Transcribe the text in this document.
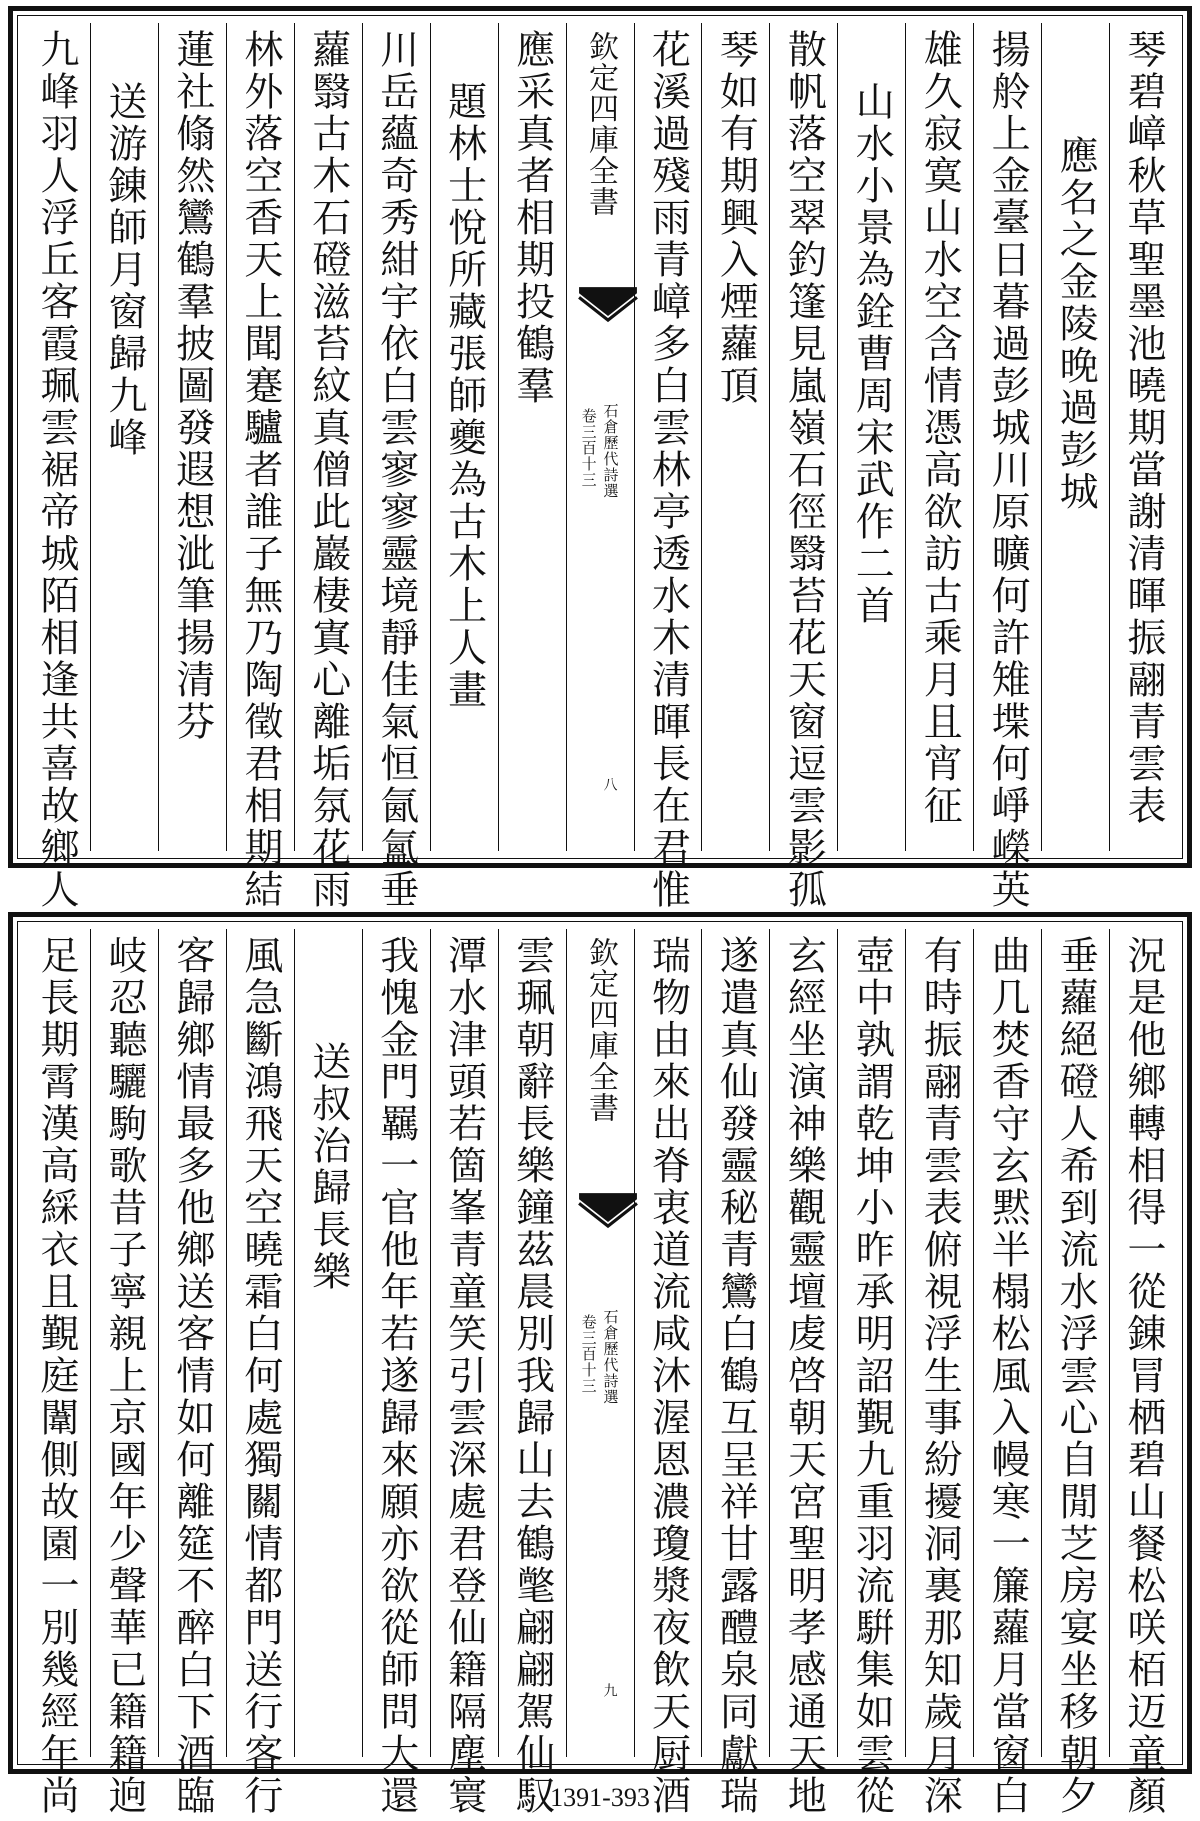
琴碧嶂秋草聖墨池曉期當謝清暉振翮青雲表
應名之金陵晚過彭城
揚舲上金臺日暮過彭城川原曠何許雉堞何崢嶸英
雄久寂寞山水空含情憑高欲訪古乘月且宵征
山水小景為銓曹周宋武作二首
散帆落空翠釣篷見嵐嶺石徑翳苔花天窗逗雲影孤
琴如有期興入煙蘿頂
花溪過殘雨青嶂多白雲林亭透水木清暉長在君惟
欽定四庫全書
石倉歷代詩選
卷三百十三
八
應采真者相期投鶴羣
題林士悅所藏張師夔為古木上人畫
川岳蘊奇秀紺宇依白雲寥寥靈境靜佳氣恒氤氳垂
蘿翳古木石磴滋苔紋真僧此巖棲寘心離垢氛花雨
林外落空香天上聞蹇驢者誰子無乃陶徵君相期結
蓮社翛然鸞鶴羣披圖發遐想泚筆揚清芬
送游錬師月窗歸九峰
九峰羽人浮丘客霞珮雲裾帝城陌相逢共喜故鄉人
況是他鄉轉相得一從錬冐栖碧山餐松咲栢迈童顏
垂蘿絕磴人希到流水浮雲心自閒芝房宴坐移朝夕
曲几焚香守玄黙半榻松風入幔寒一簾蘿月當窗白
有時振翮青雲表俯視浮生事紛擾洞裏那知歲月深
壺中孰謂乾坤小昨承明詔覲九重羽流騈集如雲從
玄經坐演神樂觀靈壇䖍啓朝天宮聖明孝感通天地
遂遣真仙發靈秘青鸞白鶴互呈祥甘露醴泉同獻瑞
瑞物由來出脊衷道流咸沐渥恩濃瓊漿夜飲天厨酒
欽定四庫全書
石倉歷代詩選
卷三百十三
九
雲珮朝辭長樂鐘茲晨別我歸山去鶴氅翩翩駕仙馭
潭水津頭若箇峯青童笑引雲深處君登仙籍隔塵寰
我愧金門羈一官他年若遂歸來願亦欲從師問大還
送叔治歸長樂
風急斷鴻飛天空曉霜白何處獨關情都門送行客行
客歸鄉情最多他鄉送客情如何離筵不醉白下酒臨
岐忍聽驪駒歌昔子寧親上京國年少聲華已籍籍逈
足長期霄漢高綵衣且覲庭闈側故園一別幾經年尚	1391-393
